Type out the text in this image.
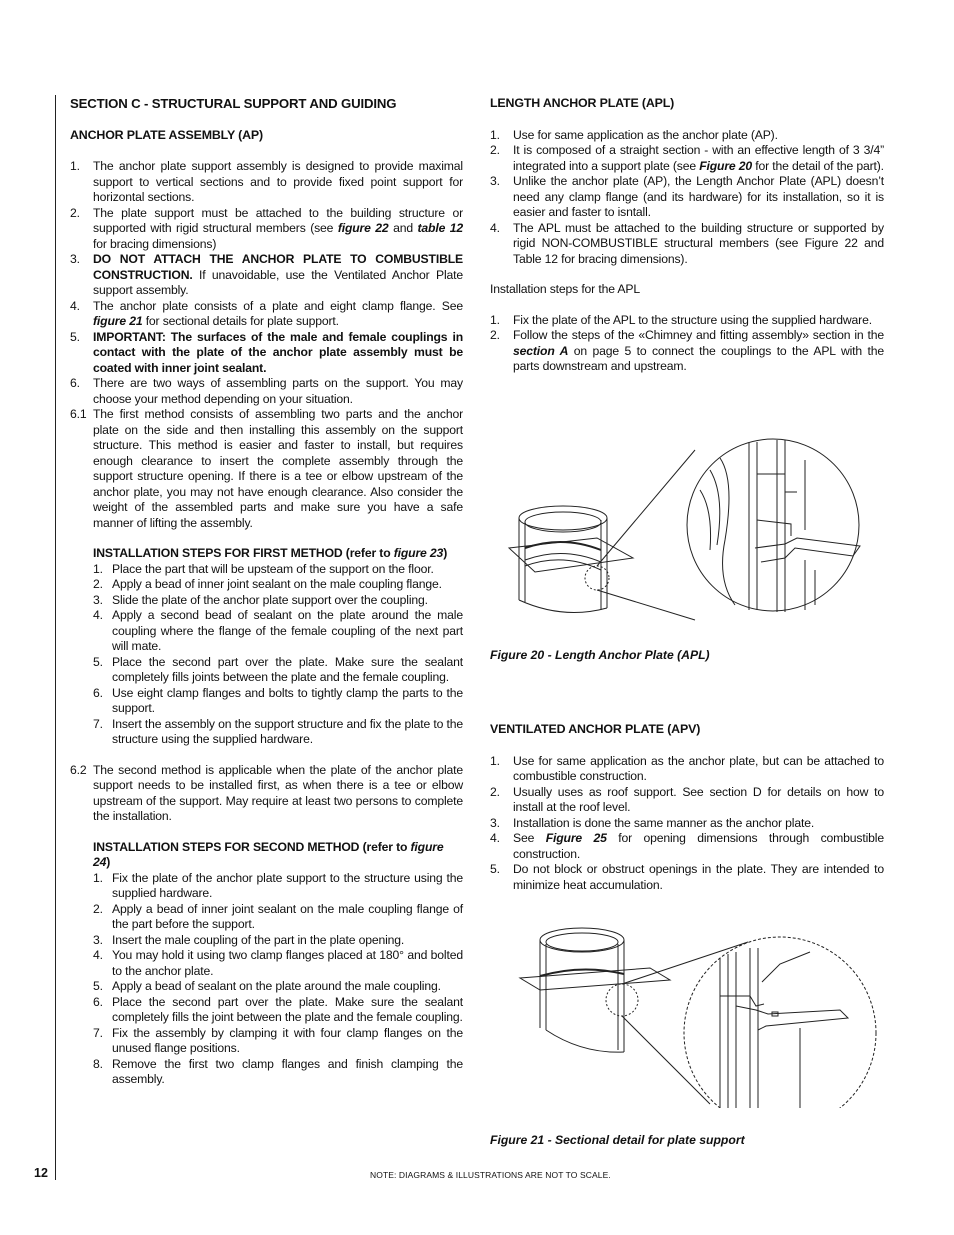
SECTION C - STRUCTURAL SUPPORT AND GUIDING
ANCHOR PLATE ASSEMBLY (AP)
1. The anchor plate support assembly is designed to provide maximal support to vertical sections and to provide fixed point support for horizontal sections.
2. The plate support must be attached to the building structure or supported with rigid structural members (see figure 22 and table 12 for bracing dimensions)
3. DO NOT ATTACH THE ANCHOR PLATE TO COMBUSTIBLE CONSTRUCTION. If unavoidable, use the Ventilated Anchor Plate support assembly.
4. The anchor plate consists of a plate and eight clamp flange. See figure 21 for sectional details for plate support.
5. IMPORTANT: The surfaces of the male and female couplings in contact with the plate of the anchor plate assembly must be coated with inner joint sealant.
6. There are two ways of assembling parts on the support. You may choose your method depending on your situation.
6.1 The first method consists of assembling two parts and the anchor plate on the side and then installing this assembly on the support structure. This method is easier and faster to install, but requires enough clearance to insert the complete assembly through the support structure opening. If there is a tee or elbow upstream of the anchor plate, you may not have enough clearance. Also consider the weight of the assembled parts and make sure you have a safe manner of lifting the assembly.
INSTALLATION STEPS FOR FIRST METHOD (refer to figure 23)
1. Place the part that will be upsteam of the support on the floor.
2. Apply a bead of inner joint sealant on the male coupling flange.
3. Slide the plate of the anchor plate support over the coupling.
4. Apply a second bead of sealant on the plate around the male coupling where the flange of the female coupling of the next part will mate.
5. Place the second part over the plate. Make sure the sealant completely fills joints between the plate and the female coupling.
6. Use eight clamp flanges and bolts to tightly clamp the parts to the support.
7. Insert the assembly on the support structure and fix the plate to the structure using the supplied hardware.
6.2 The second method is applicable when the plate of the anchor plate support needs to be installed first, as when there is a tee or elbow upstream of the support. May require at least two persons to complete the installation.
INSTALLATION STEPS FOR SECOND METHOD (refer to figure 24)
1. Fix the plate of the anchor plate support to the structure using the supplied hardware.
2. Apply a bead of inner joint sealant on the male coupling flange of the part before the support.
3. Insert the male coupling of the part in the plate opening.
4. You may hold it using two clamp flanges placed at 180° and bolted to the anchor plate.
5. Apply a bead of sealant on the plate around the male coupling.
6. Place the second part over the plate. Make sure the sealant completely fills the joint between the plate and the female coupling.
7. Fix the assembly by clamping it with four clamp flanges on the unused flange positions.
8. Remove the first two clamp flanges and finish clamping the assembly.
LENGTH ANCHOR PLATE (APL)
1. Use for same application as the anchor plate (AP).
2. It is composed of a straight section - with an effective length of 3 3/4” integrated into a support plate (see Figure 20 for the detail of the part).
3. Unlike the anchor plate (AP), the Length Anchor Plate (APL) doesn’t need any clamp flange (and its hardware) for its installation, so it is easier and faster to isntall.
4. The APL must be attached to the building structure or supported by rigid NON-COMBUSTIBLE structural members (see Figure 22 and Table 12 for bracing dimensions).
Installation steps for the APL
1. Fix the plate of the APL to the structure using the supplied hardware.
2. Follow the steps of the «Chimney and fitting assembly» section in the section A on page 5 to connect the couplings to the APL with the parts downstream and upstream.
Figure 20 - Length Anchor Plate (APL)
VENTILATED ANCHOR PLATE (APV)
1. Use for same application as the anchor plate, but can be attached to combustible construction.
2. Usually uses as roof support. See section D for details on how to install at the roof level.
3. Installation is done the same manner as the anchor plate.
4. See Figure 25 for opening dimensions through combustible construction.
5. Do not block or obstruct openings in the plate. They are intended to minimize heat accumulation.
Figure 21 - Sectional detail for plate support
12	NOTE: DIAGRAMS & ILLUSTRATIONS ARE NOT TO SCALE.
